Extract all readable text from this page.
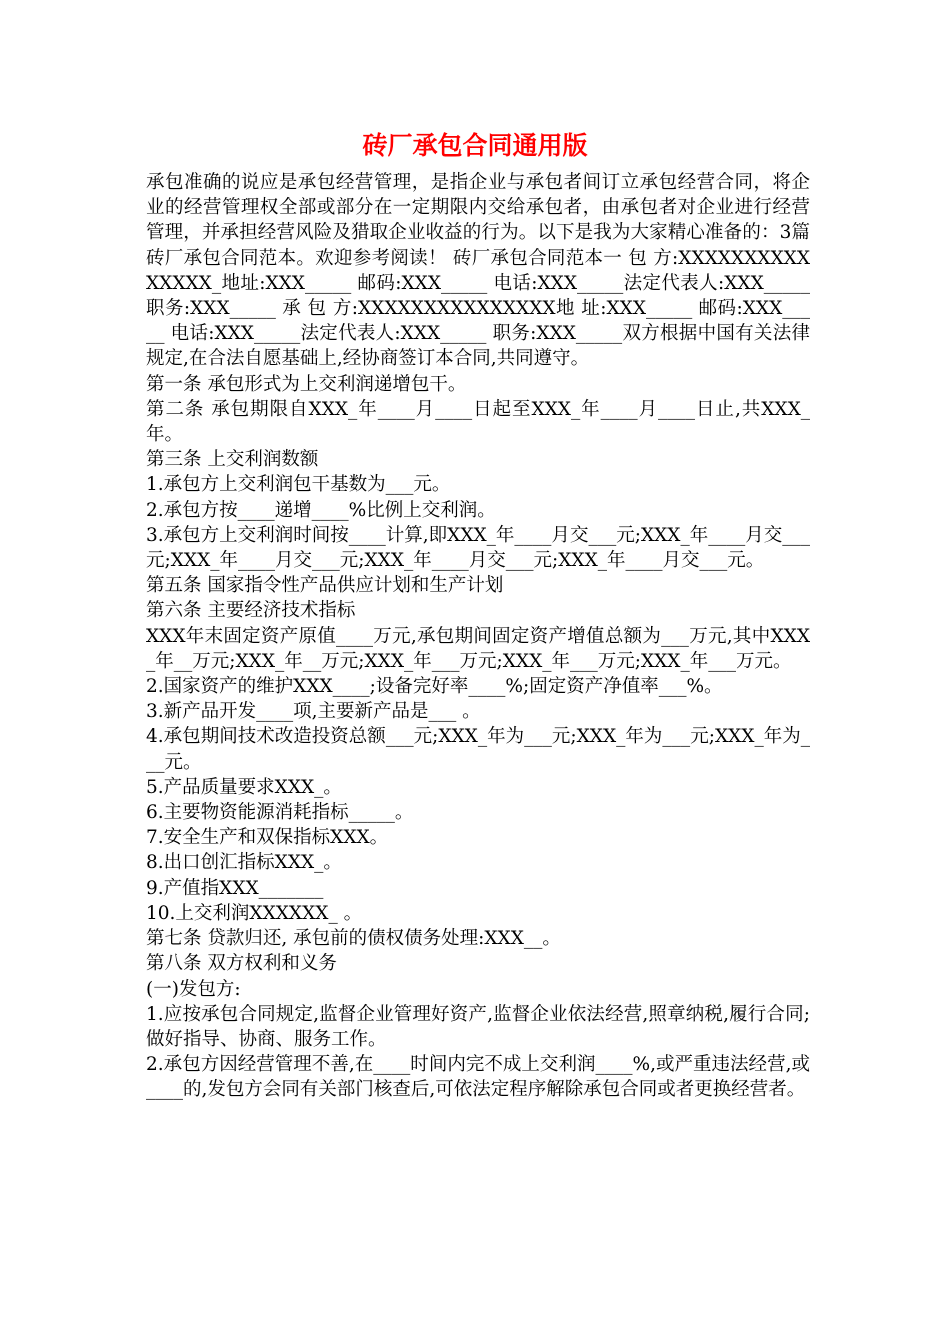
砖厂承包合同通用版

承包准确的说应是承包经营管理，是指企业与承包者间订立承包经营合同，将企业的经营管理权全部或部分在一定期限内交给承包者，由承包者对企业进行经营管理，并承担经营风险及猎取企业收益的行为。以下是我为大家精心准备的：3篇砖厂承包合同范本。欢迎参考阅读！ 砖厂承包合同范本一 包 方:XXXXXXXXXXXXXXX_地址:XXX_____ 邮码:XXX_____ 电话:XXX_____法定代表人:XXX_____职务:XXX_____ 承 包 方:XXXXXXXXXXXXXXX地 址:XXX_____ 邮码:XXX_____ 电话:XXX_____法定代表人:XXX_____ 职务:XXX_____双方根据中国有关法律规定,在合法自愿基础上,经协商签订本合同,共同遵守。

第一条 承包形式为上交利润递增包干。

第二条 承包期限自XXX_年____月____日起至XXX_年____月____日止,共XXX_年。

第三条 上交利润数额

1.承包方上交利润包干基数为___元。

2.承包方按____递增____%比例上交利润。

3.承包方上交利润时间按____计算,即XXX_年____月交___元;XXX_年____月交___元;XXX_年____月交___元;XXX_年____月交___元;XXX_年____月交___元。

第五条 国家指令性产品供应计划和生产计划

第六条 主要经济技术指标

XXX年末固定资产原值____万元,承包期间固定资产增值总额为___万元,其中XXX_年__万元;XXX_年__万元;XXX_年___万元;XXX_年___万元;XXX_年___万元。

2.国家资产的维护XXX____;设备完好率____%;固定资产净值率___%。

3.新产品开发____项,主要新产品是___ 。

4.承包期间技术改造投资总额___元;XXX_年为___元;XXX_年为___元;XXX_年为___元。

5.产品质量要求XXX_。

6.主要物资能源消耗指标_____。

7.安全生产和双保指标XXX。

8.出口创汇指标XXX_。

9.产值指XXX_______

10.上交利润XXXXXX_ 。

第七条 贷款归还, 承包前的债权债务处理:XXX__。

第八条 双方权利和义务

(一)发包方:

1.应按承包合同规定,监督企业管理好资产,监督企业依法经营,照章纳税,履行合同;做好指导、协商、服务工作。

2.承包方因经营管理不善,在____时间内完不成上交利润____%,或严重违法经营,或____的,发包方会同有关部门核查后,可依法定程序解除承包合同或者更换经营者。
